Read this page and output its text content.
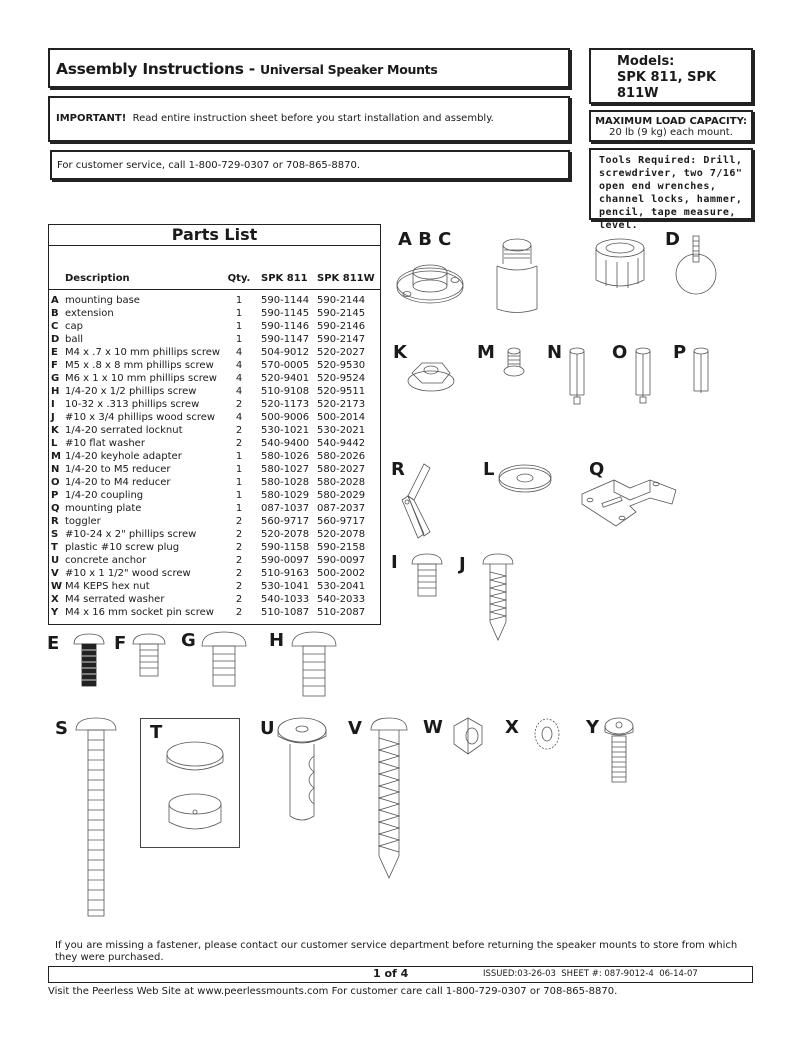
Assembly Instructions - Universal Speaker Mounts
IMPORTANT!  Read entire instruction sheet before you start installation and assembly.
For customer service, call 1-800-729-0307 or 708-865-8870.
Models:
SPK 811, SPK 811W
MAXIMUM LOAD CAPACITY:
20 lb (9 kg) each mount.
Tools Required: Drill, screwdriver, two 7/16" open end wrenches, channel locks, hammer, pencil, tape measure, level.
Parts List
Description	Qty. SPK 811 SPK 811W
A mounting base	1	590-1144 590-2144
B extension	1	590-1145 590-2145
C cap	1	590-1146 590-2146
D ball	1	590-1147 590-2147
E M4 x .7 x 10 mm phillips screw	4	504-9012 520-2027
F M5 x .8 x 8 mm phillips screw	4	570-0005 520-9530
G M6 x 1 x 10 mm phillips screw	4	520-9401 520-9524
H 1/4-20 x 1/2 phillips screw	4	510-9108 520-9511
I 10-32 x .313 phillips screw	2	520-1173 520-2173
J #10 x 3/4 phillips wood screw	4	500-9006 500-2014
K 1/4-20 serrated locknut	2	530-1021 530-2021
L #10 flat washer	2	540-9400 540-9442
M 1/4-20 keyhole adapter	1	580-1026 580-2026
N 1/4-20 to M5 reducer	1	580-1027 580-2027
O 1/4-20 to M4 reducer	1	580-1028 580-2028
P 1/4-20 coupling	1	580-1029 580-2029
Q mounting plate	1	087-1037 087-2037
R toggler	2	560-9717 560-9717
S #10-24 x 2" phillips screw	2	520-2078 520-2078
T plastic #10 screw plug	2	590-1158 590-2158
U concrete anchor	2	590-0097 590-0097
V #10 x 1 1/2" wood screw	2	510-9163 500-2002
W M4 KEPS hex nut	2	530-1041 530-2041
X M4 serrated washer	2	540-1033 540-2033
Y M4 x 16 mm socket pin screw	2	510-1087 510-2087
A B C	D
K	M	N	O	P
R	L	Q
I	J
E	F	G	H
S	T	U	V	W	X	Y
If you are missing a fastener, please contact our customer service department before returning the speaker mounts to store from which they were purchased.
1 of 4	ISSUED:03-26-03  SHEET #: 087-9012-4  06-14-07
Visit the Peerless Web Site at www.peerlessmounts.com For customer care call 1-800-729-0307 or 708-865-8870.
